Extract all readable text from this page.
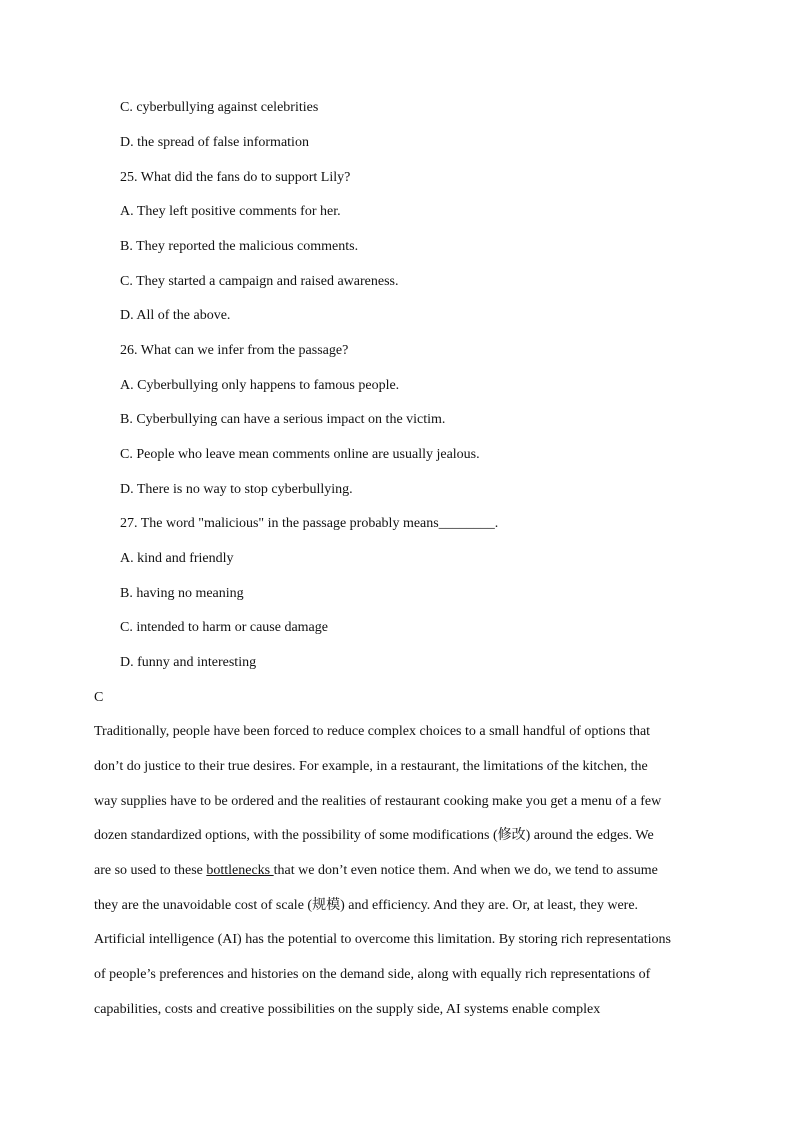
C. cyberbullying against celebrities
D. the spread of false information
25. What did the fans do to support Lily?
A. They left positive comments for her.
B. They reported the malicious comments.
C. They started a campaign and raised awareness.
D. All of the above.
26. What can we infer from the passage?
A. Cyberbullying only happens to famous people.
B. Cyberbullying can have a serious impact on the victim.
C. People who leave mean comments online are usually jealous.
D. There is no way to stop cyberbullying.
27. The word "malicious" in the passage probably means________.
A. kind and friendly
B. having no meaning
C. intended to harm or cause damage
D. funny and interesting
C
Traditionally, people have been forced to reduce complex choices to a small handful of options that
don’t do justice to their true desires. For example, in a restaurant, the limitations of the kitchen, the
way supplies have to be ordered and the realities of restaurant cooking make you get a menu of a few
dozen standardized options, with the possibility of some modifications (修改) around the edges. We
are so used to these bottlenecks that we don’t even notice them. And when we do, we tend to assume
they are the unavoidable cost of scale (规模) and efficiency. And they are. Or, at least, they were.
Artificial intelligence (AI) has the potential to overcome this limitation. By storing rich representations
of people’s preferences and histories on the demand side, along with equally rich representations of
capabilities, costs and creative possibilities on the supply side, AI systems enable complex
